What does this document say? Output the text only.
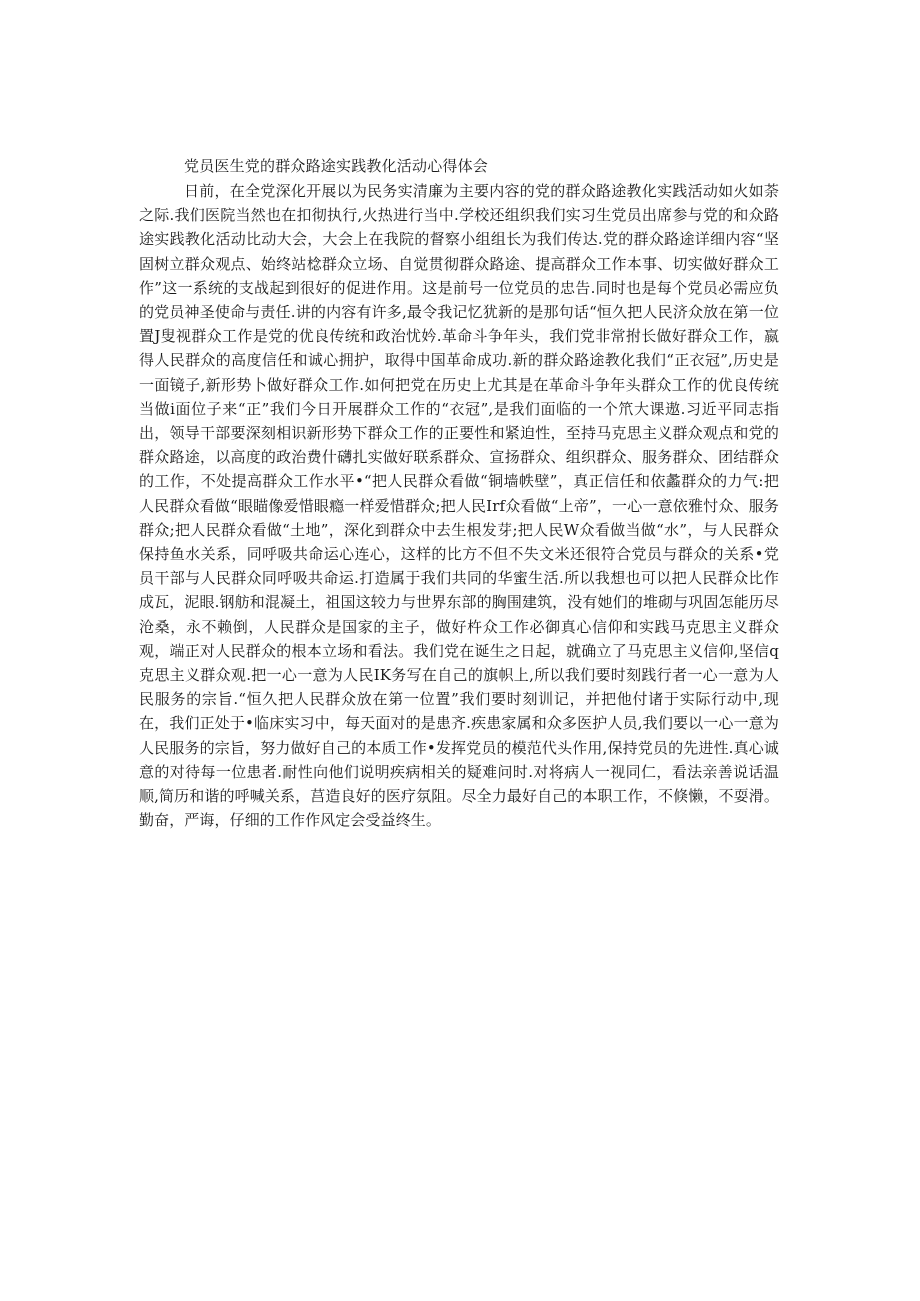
党员医生党的群众路途实践教化活动心得体会

日前，在全党深化开展以为民务实清廉为主要内容的党的群众路途教化实践活动如火如荼之际.我们医院当然也在扣彻执行,火热进行当中.学校还组织我们实习生党员出席参与党的和众路途实践教化活动比动大会，大会上在我院的督察小组组长为我们传达.党的群众路途详细内容“坚固树立群众观点、始终站棯群众立场、自觉贯彻群众路途、提高群众工作本事、切实做好群众工作”这一系统的支战起到很好的促进作用。这是前号一位党员的忠告.同时也是每个党员必需应负的党员神圣使命与责任.讲的内容有许多,最令我记忆犹新的是那句话“恒久把人民济众放在第一位置J叟视群众工作是党的优良传统和政治忧妗.革命斗争年头，我们党非常拊长做好群众工作，嬴得人民群众的高度信任和诚心拥护，取得中国革命成功.新的群众路途教化我们“正衣冠”,历史是一面镜子,新形势卜做好群众工作.如何把党在历史上尤其是在革命斗争年头群众工作的优良传统当做i面位子来“正”我们今日开展群众工作的“衣冠”,是我们面临的一个笊大课遨.习近平同志指出，领导干部要深刻相识新形势下群众工作的正要性和紧迫性，至持马克思主义群众观点和党的群众路途，以高度的政治费什礴扎实做好联系群众、宣扬群众、组织群众、服务群众、团结群众的工作，不处提高群众工作水平•“把人民群众看做“铜墙帙壁”，真正信任和依蠡群众的力气:把人民群众看做“眼瞄像爱惜眼瘾一样爱惜群众;把人民Irf众看做“上帝”，一心一意依雅忖众、服务群众;把人民群众看做“土地”，深化到群众中去生根发芽;把人民W众看做当做“水”，与人民群众保持鱼水关系，同呼吸共命运心连心，这样的比方不但不失文米还很符合党员与群众的关系•党员干部与人民群众同呼吸共命运.打造属于我们共同的华蜜生活.所以我想也可以把人民群众比作成瓦，泥眼.钢舫和混凝土，祖国这较力与世界东部的胸围建筑，没有她们的堆砌与巩固怎能历尽沧桑，永不赖倒，人民群众是国家的主子，做好杵众工作必御真心信仰和实践马克思主义群众观，端正对人民群众的根本立场和看法。我们党在诞生之日起，就确立了马克思主义信仰,坚信q克思主义群众观.把一心一意为人民IK务写在自己的旗帜上,所以我们要时刻践行者一心一意为人民服务的宗旨.“恒久把人民群众放在第一位置”我们要时刻训记，并把他付诸于实际行动中,现在，我们正处于•临床实习中，每天面对的是患齐.疾患家属和众多医护人员,我们要以一心一意为人民服务的宗旨，努力做好自己的本质工作•发挥党员的模范代头作用,保持党员的先进性.真心诚意的对待每一位患者.耐性向他们说明疾病相关的疑难问时.对将病人一视同仁，看法亲善说话温顺,简历和谐的呼喊关系，莒造良好的医疗氛阻。尽全力最好自己的本职工作，不倏懒，不耍滑。勤奋，严诲，仔细的工作作风定会受益终生。
